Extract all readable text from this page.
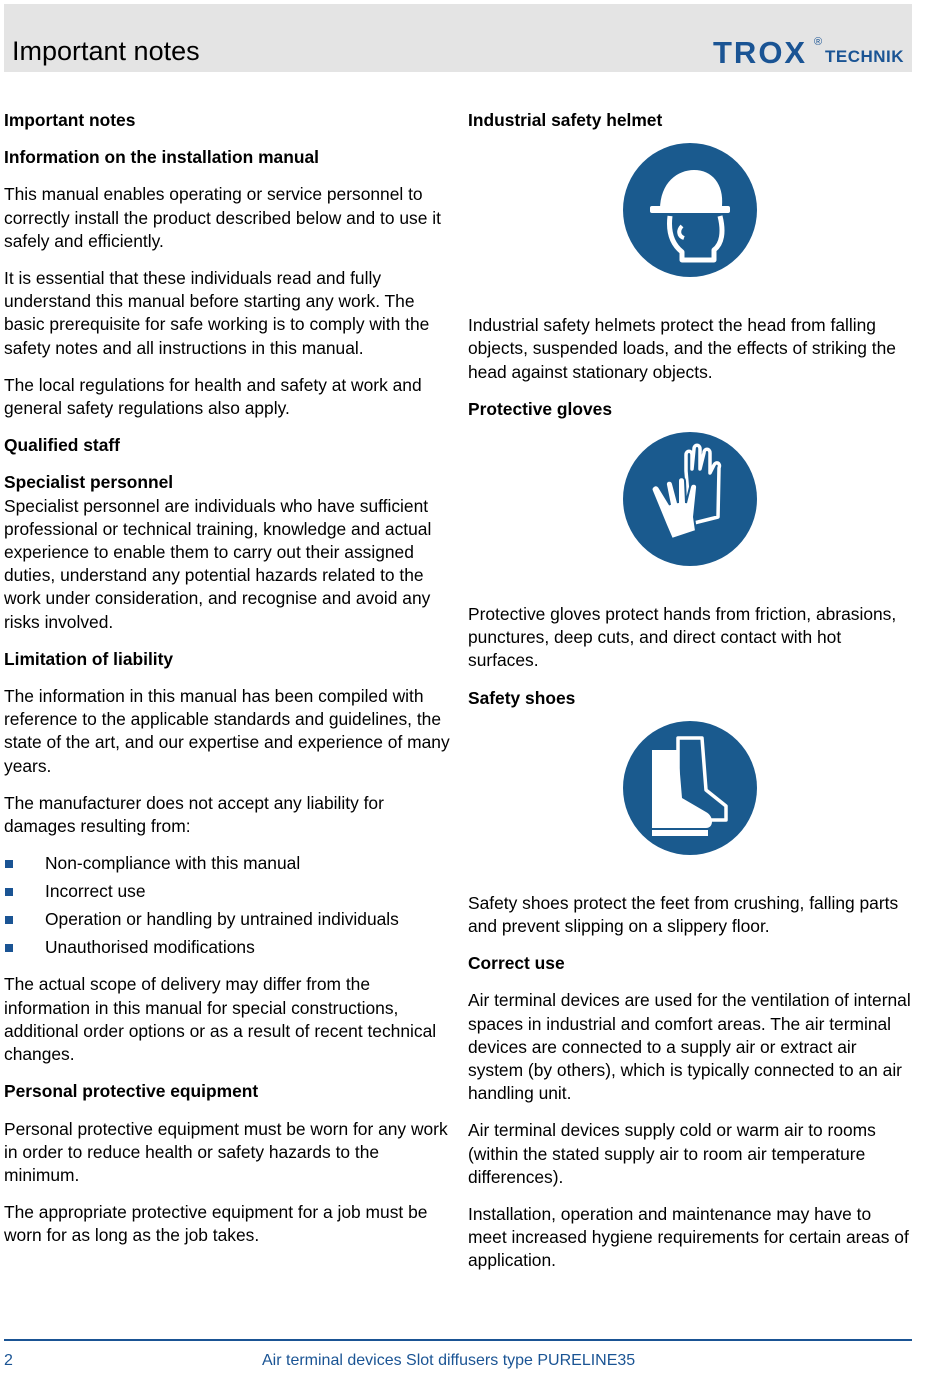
Important notes	TROX ®
TECHNIK
Important notes
Information on the installation manual

This manual enables operating or service personnel to correctly install the product described below and to use it safely and efficiently.

It is essential that these individuals read and fully understand this manual before starting any work. The basic prerequisite for safe working is to comply with the safety notes and all instructions in this manual.

The local regulations for health and safety at work and general safety regulations also apply.

Qualified staff
Specialist personnel

Specialist personnel are individuals who have sufficient professional or technical training, knowledge and actual experience to enable them to carry out their assigned duties, understand any potential hazards related to the work under consideration, and recognise and avoid any risks involved.

Limitation of liability

The information in this manual has been compiled with reference to the applicable standards and guidelines, the state of the art, and our expertise and experience of many years.

The manufacturer does not accept any liability for damages resulting from:

Non-compliance with this manual
Incorrect use
Operation or handling by untrained individuals
Unauthorised modifications

The actual scope of delivery may differ from the information in this manual for special constructions, additional order options or as a result of recent technical changes.

Personal protective equipment

Personal protective equipment must be worn for any work in order to reduce health or safety hazards to the minimum.

The appropriate protective equipment for a job must be worn for as long as the job takes.

Industrial safety helmet

Industrial safety helmets protect the head from falling objects, suspended loads, and the effects of striking the head against stationary objects.

Protective gloves

Protective gloves protect hands from friction, abrasions, punctures, deep cuts, and direct contact with hot surfaces.

Safety shoes

Safety shoes protect the feet from crushing, falling parts and prevent slipping on a slippery floor.

Correct use

Air terminal devices are used for the ventilation of internal spaces in industrial and comfort areas. The air terminal devices are connected to a supply air or extract air system (by others), which is typically connected to an air handling unit.

Air terminal devices supply cold or warm air to rooms (within the stated supply air to room air temperature differences).

Installation, operation and maintenance may have to meet increased hygiene requirements for certain areas of application.

2	Air terminal devices Slot diffusers type PURELINE35
